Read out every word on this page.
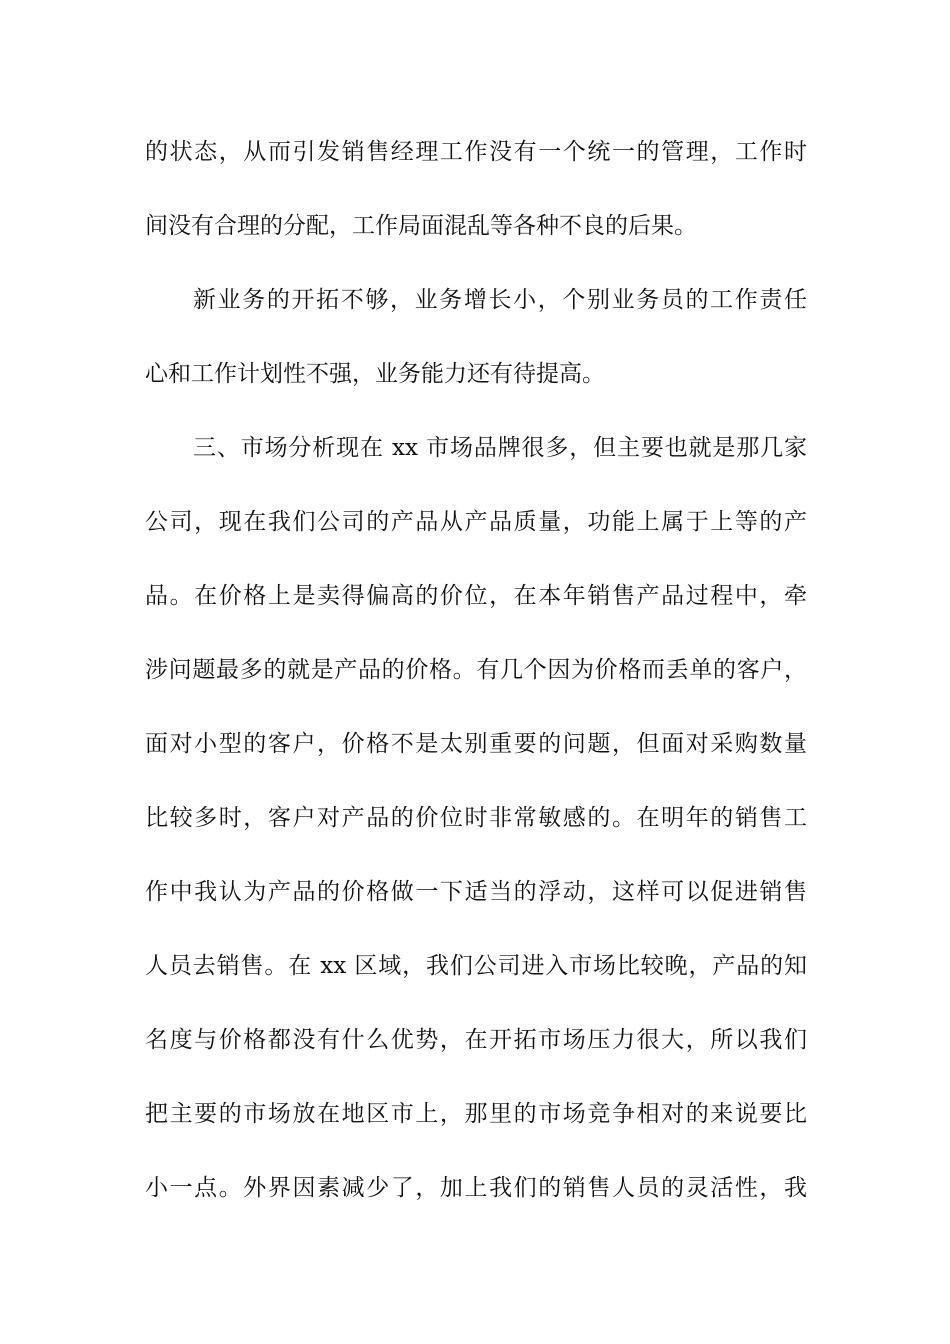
的状态，从而引发销售经理工作没有一个统一的管理，工作时
间没有合理的分配，工作局面混乱等各种不良的后果。
新业务的开拓不够，业务增长小，个别业务员的工作责任
心和工作计划性不强，业务能力还有待提高。
三、市场分析现在 xx 市场品牌很多，但主要也就是那几家
公司，现在我们公司的产品从产品质量，功能上属于上等的产
品。在价格上是卖得偏高的价位，在本年销售产品过程中，牵
涉问题最多的就是产品的价格。有几个因为价格而丢单的客户，
面对小型的客户，价格不是太别重要的问题，但面对采购数量
比较多时，客户对产品的价位时非常敏感的。在明年的销售工
作中我认为产品的价格做一下适当的浮动，这样可以促进销售
人员去销售。在 xx 区域，我们公司进入市场比较晚，产品的知
名度与价格都没有什么优势，在开拓市场压力很大，所以我们
把主要的市场放在地区市上，那里的市场竞争相对的来说要比
小一点。外界因素减少了，加上我们的销售人员的灵活性，我
